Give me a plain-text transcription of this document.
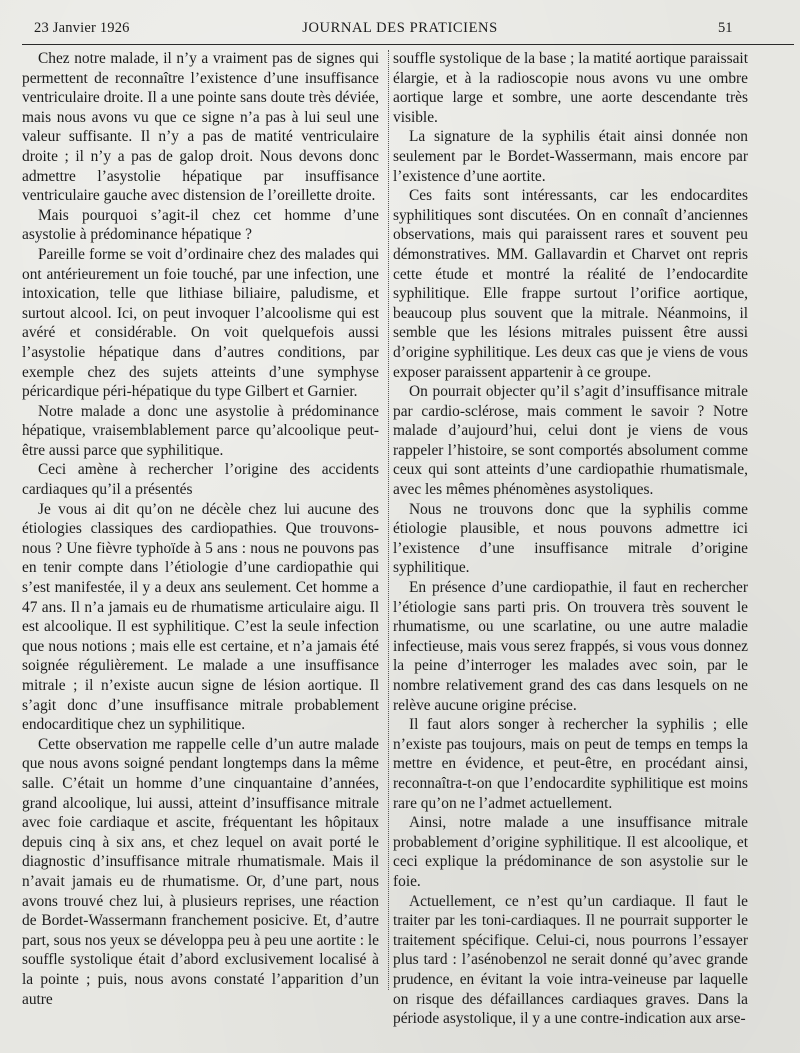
23 Janvier 1926	JOURNAL DES PRATICIENS	51

Chez notre malade, il n’y a vraiment pas de signes qui permettent de reconnaître l’existence d’une insuffisance ventriculaire droite. Il a une pointe sans doute très déviée, mais nous avons vu que ce signe n’a pas à lui seul une valeur suffisante. Il n’y a pas de matité ventriculaire droite ; il n’y a pas de galop droit. Nous devons donc admettre l’asystolie hépatique par insuffisance ventriculaire gauche avec distension de l’oreillette droite.

Mais pourquoi s’agit-il chez cet homme d’une asystolie à prédominance hépatique ?

Pareille forme se voit d’ordinaire chez des malades qui ont antérieurement un foie touché, par une infection, une intoxication, telle que lithiase biliaire, paludisme, et surtout alcool. Ici, on peut invoquer l’alcoolisme qui est avéré et considérable. On voit quelquefois aussi l’asystolie hépatique dans d’autres conditions, par exemple chez des sujets atteints d’une symphyse péricardique péri-hépatique du type Gilbert et Garnier.

Notre malade a donc une asystolie à prédominance hépatique, vraisemblablement parce qu’alcoolique peut-être aussi parce que syphilitique.

Ceci amène à rechercher l’origine des accidents cardiaques qu’il a présentés

Je vous ai dit qu’on ne décèle chez lui aucune des étiologies classiques des cardiopathies. Que trouvons-nous ? Une fièvre typhoïde à 5 ans : nous ne pouvons pas en tenir compte dans l’étiologie d’une cardiopathie qui s’est manifestée, il y a deux ans seulement. Cet homme a 47 ans. Il n’a jamais eu de rhumatisme articulaire aigu. Il est alcoolique. Il est syphilitique. C’est la seule infection que nous notions ; mais elle est certaine, et n’a jamais été soignée régulièrement. Le malade a une insuffisance mitrale ; il n’existe aucun signe de lésion aortique. Il s’agit donc d’une insuffisance mitrale probablement endocarditique chez un syphilitique.

Cette observation me rappelle celle d’un autre malade que nous avons soigné pendant longtemps dans la même salle. C’était un homme d’une cinquantaine d’années, grand alcoolique, lui aussi, atteint d’insuffisance mitrale avec foie cardiaque et ascite, fréquentant les hôpitaux depuis cinq à six ans, et chez lequel on avait porté le diagnostic d’insuffisance mitrale rhumatismale. Mais il n’avait jamais eu de rhumatisme. Or, d’une part, nous avons trouvé chez lui, à plusieurs reprises, une réaction de Bordet-Wassermann franchement posicive. Et, d’autre part, sous nos yeux se développa peu à peu une aortite : le souffle systolique était d’abord exclusivement localisé à la pointe ; puis, nous avons constaté l’apparition d’un autre

souffle systolique de la base ; la matité aortique paraissait élargie, et à la radioscopie nous avons vu une ombre aortique large et sombre, une aorte descendante très visible.

La signature de la syphilis était ainsi donnée non seulement par le Bordet-Wassermann, mais encore par l’existence d’une aortite.

Ces faits sont intéressants, car les endocardites syphilitiques sont discutées. On en connaît d’anciennes observations, mais qui paraissent rares et souvent peu démonstratives. MM. Gallavardin et Charvet ont repris cette étude et montré la réalité de l’endocardite syphilitique. Elle frappe surtout l’orifice aortique, beaucoup plus souvent que la mitrale. Néanmoins, il semble que les lésions mitrales puissent être aussi d’origine syphilitique. Les deux cas que je viens de vous exposer paraissent appartenir à ce groupe.

On pourrait objecter qu’il s’agit d’insuffisance mitrale par cardio-sclérose, mais comment le savoir ? Notre malade d’aujourd’hui, celui dont je viens de vous rappeler l’histoire, se sont comportés absolument comme ceux qui sont atteints d’une cardiopathie rhumatismale, avec les mêmes phénomènes asystoliques.

Nous ne trouvons donc que la syphilis comme étiologie plausible, et nous pouvons admettre ici l’existence d’une insuffisance mitrale d’origine syphilitique.

En présence d’une cardiopathie, il faut en rechercher l’étiologie sans parti pris. On trouvera très souvent le rhumatisme, ou une scarlatine, ou une autre maladie infectieuse, mais vous serez frappés, si vous vous donnez la peine d’interroger les malades avec soin, par le nombre relativement grand des cas dans lesquels on ne relève aucune origine précise.

Il faut alors songer à rechercher la syphilis ; elle n’existe pas toujours, mais on peut de temps en temps la mettre en évidence, et peut-être, en procédant ainsi, reconnaîtra-t-on que l’endocardite syphilitique est moins rare qu’on ne l’admet actuellement.

Ainsi, notre malade a une insuffisance mitrale probablement d’origine syphilitique. Il est alcoolique, et ceci explique la prédominance de son asystolie sur le foie.

Actuellement, ce n’est qu’un cardiaque. Il faut le traiter par les toni-cardiaques. Il ne pourrait supporter le traitement spécifique. Celui-ci, nous pourrons l’essayer plus tard : l’asénobenzol ne serait donné qu’avec grande prudence, en évitant la voie intra-veineuse par laquelle on risque des défaillances cardiaques graves. Dans la période asystolique, il y a une contre-indication aux arse-
